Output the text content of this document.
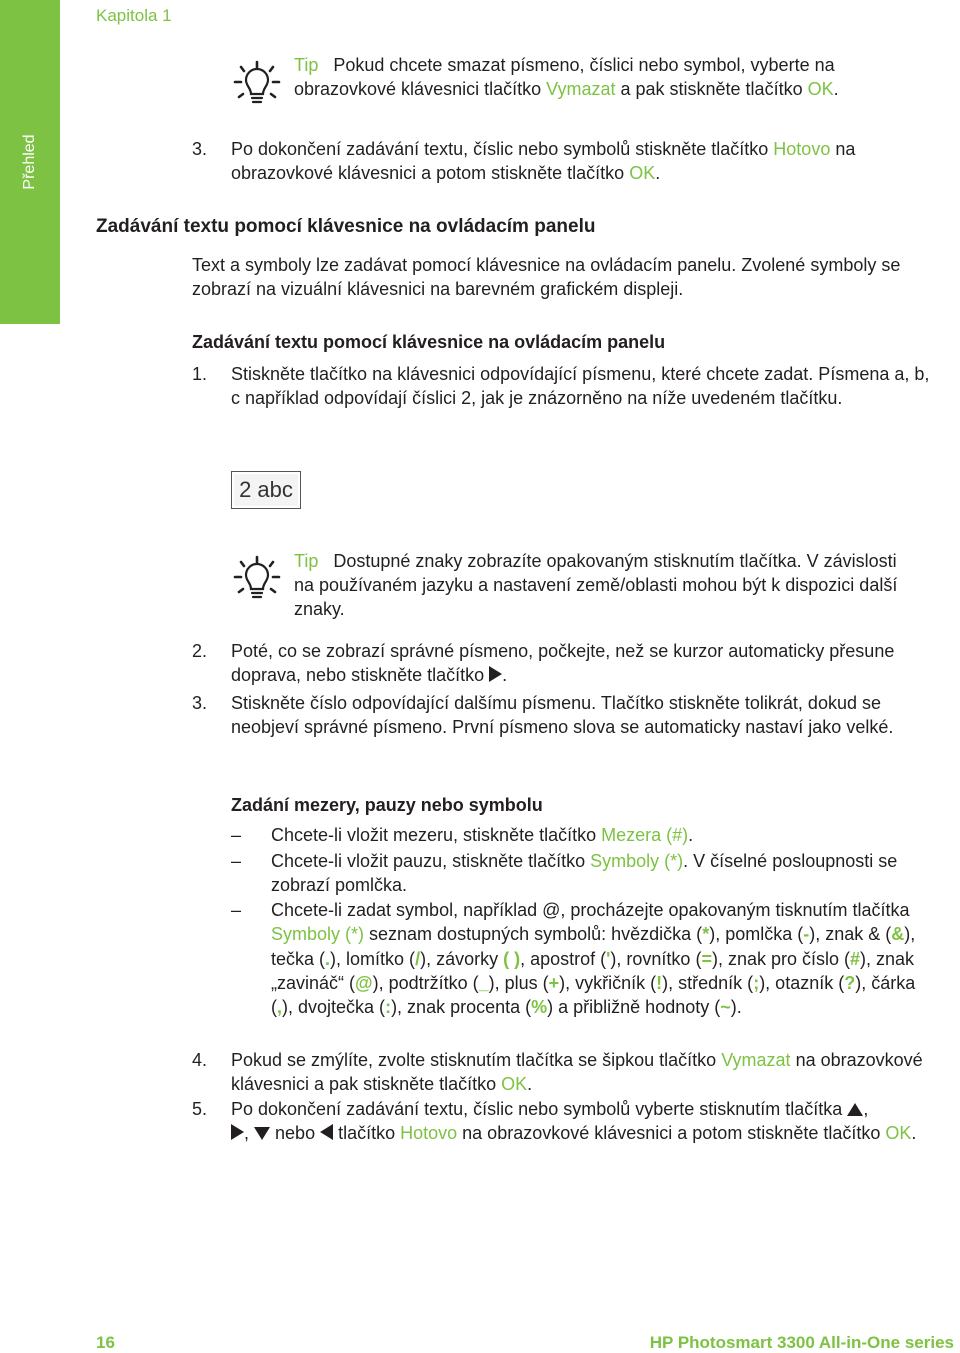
Kapitola 1
Přehled
Tip Pokud chcete smazat písmeno, číslici nebo symbol, vyberte na obrazovkové klávesnici tlačítko Vymazat a pak stiskněte tlačítko OK.
3. Po dokončení zadávání textu, číslic nebo symbolů stiskněte tlačítko Hotovo na obrazovkové klávesnici a potom stiskněte tlačítko OK.
Zadávání textu pomocí klávesnice na ovládacím panelu
Text a symboly lze zadávat pomocí klávesnice na ovládacím panelu. Zvolené symboly se zobrazí na vizuální klávesnici na barevném grafickém displeji.
Zadávání textu pomocí klávesnice na ovládacím panelu
1. Stiskněte tlačítko na klávesnici odpovídající písmenu, které chcete zadat. Písmena a, b, c například odpovídají číslici 2, jak je znázorněno na níže uvedeném tlačítku.
2 abc
Tip Dostupné znaky zobrazíte opakovaným stisknutím tlačítka. V závislosti na používaném jazyku a nastavení země/oblasti mohou být k dispozici další znaky.
2. Poté, co se zobrazí správné písmeno, počkejte, než se kurzor automaticky přesune doprava, nebo stiskněte tlačítko .
3. Stiskněte číslo odpovídající dalšímu písmenu. Tlačítko stiskněte tolikrát, dokud se neobjeví správné písmeno. První písmeno slova se automaticky nastaví jako velké.
Zadání mezery, pauzy nebo symbolu
– Chcete-li vložit mezeru, stiskněte tlačítko Mezera (#).
– Chcete-li vložit pauzu, stiskněte tlačítko Symboly (*). V číselné posloupnosti se zobrazí pomlčka.
– Chcete-li zadat symbol, například @, procházejte opakovaným tisknutím tlačítka Symboly (*) seznam dostupných symbolů: hvězdička (*), pomlčka (-), znak & (&), tečka (.), lomítko (/), závorky ( ), apostrof ('), rovnítko (=), znak pro číslo (#), znak „zavináč“ (@), podtržítko (_), plus (+), vykřičník (!), středník (;), otazník (?), čárka (,), dvojtečka (:), znak procenta (%) a přibližně hodnoty (~).
4. Pokud se zmýlíte, zvolte stisknutím tlačítka se šipkou tlačítko Vymazat na obrazovkové klávesnici a pak stiskněte tlačítko OK.
5. Po dokončení zadávání textu, číslic nebo symbolů vyberte stisknutím tlačítka ,
,  nebo  tlačítko Hotovo na obrazovkové klávesnici a potom stiskněte tlačítko OK.
16	HP Photosmart 3300 All-in-One series
